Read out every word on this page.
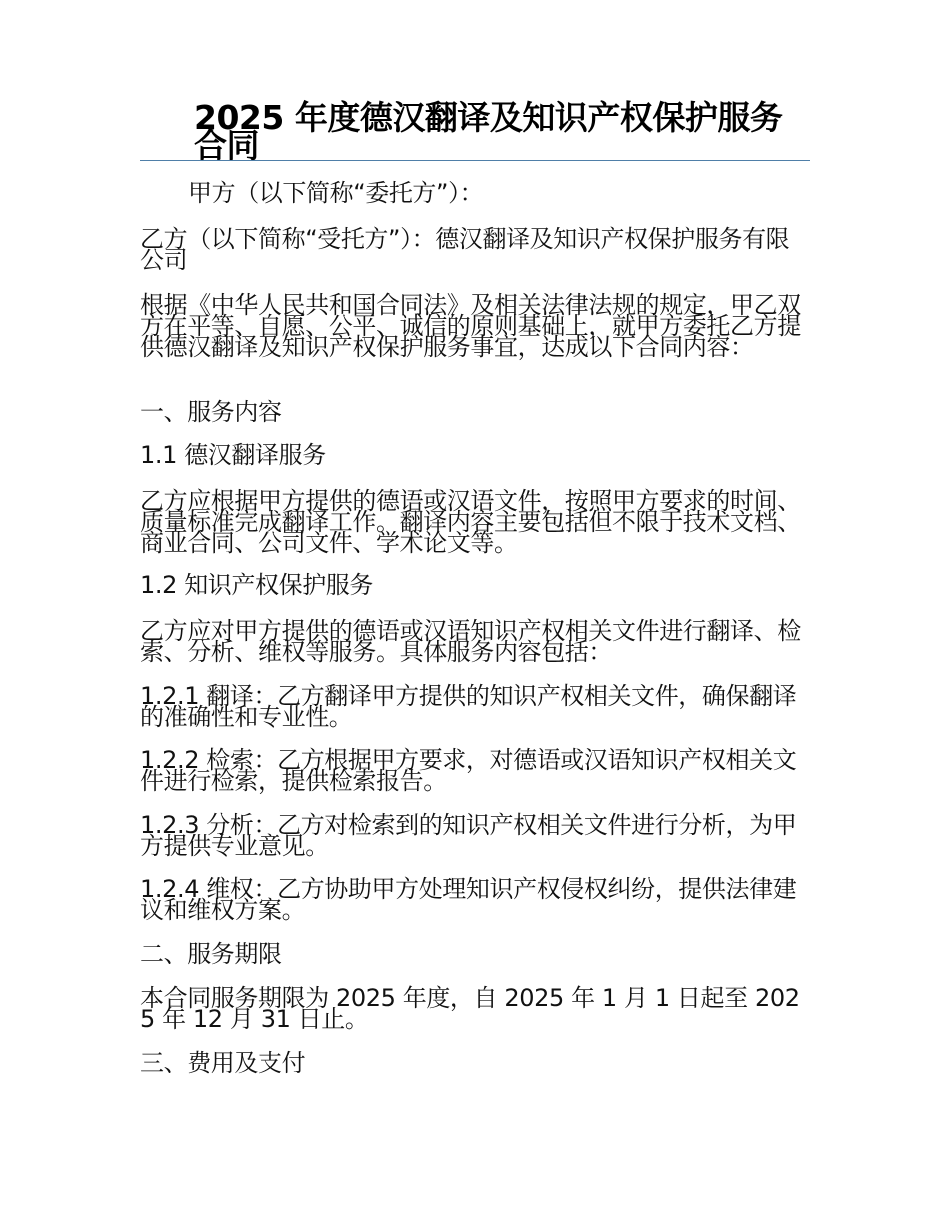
2025 年度德汉翻译及知识产权保护服务合同

甲方（以下简称“委托方”）：

乙方（以下简称“受托方”）：德汉翻译及知识产权保护服务有限公司

根据《中华人民共和国合同法》及相关法律法规的规定，甲乙双方在平等、自愿、公平、诚信的原则基础上，就甲方委托乙方提供德汉翻译及知识产权保护服务事宜，达成以下合同内容：

一、服务内容

1.1 德汉翻译服务

乙方应根据甲方提供的德语或汉语文件，按照甲方要求的时间、质量标准完成翻译工作。翻译内容主要包括但不限于技术文档、商业合同、公司文件、学术论文等。

1.2 知识产权保护服务

乙方应对甲方提供的德语或汉语知识产权相关文件进行翻译、检索、分析、维权等服务。具体服务内容包括：

1.2.1 翻译：乙方翻译甲方提供的知识产权相关文件，确保翻译的准确性和专业性。

1.2.2 检索：乙方根据甲方要求，对德语或汉语知识产权相关文件进行检索，提供检索报告。

1.2.3 分析：乙方对检索到的知识产权相关文件进行分析，为甲方提供专业意见。

1.2.4 维权：乙方协助甲方处理知识产权侵权纠纷，提供法律建议和维权方案。

二、服务期限

本合同服务期限为 2025 年度，自 2025 年 1 月 1 日起至 2025 年 12 月 31 日止。

三、费用及支付
